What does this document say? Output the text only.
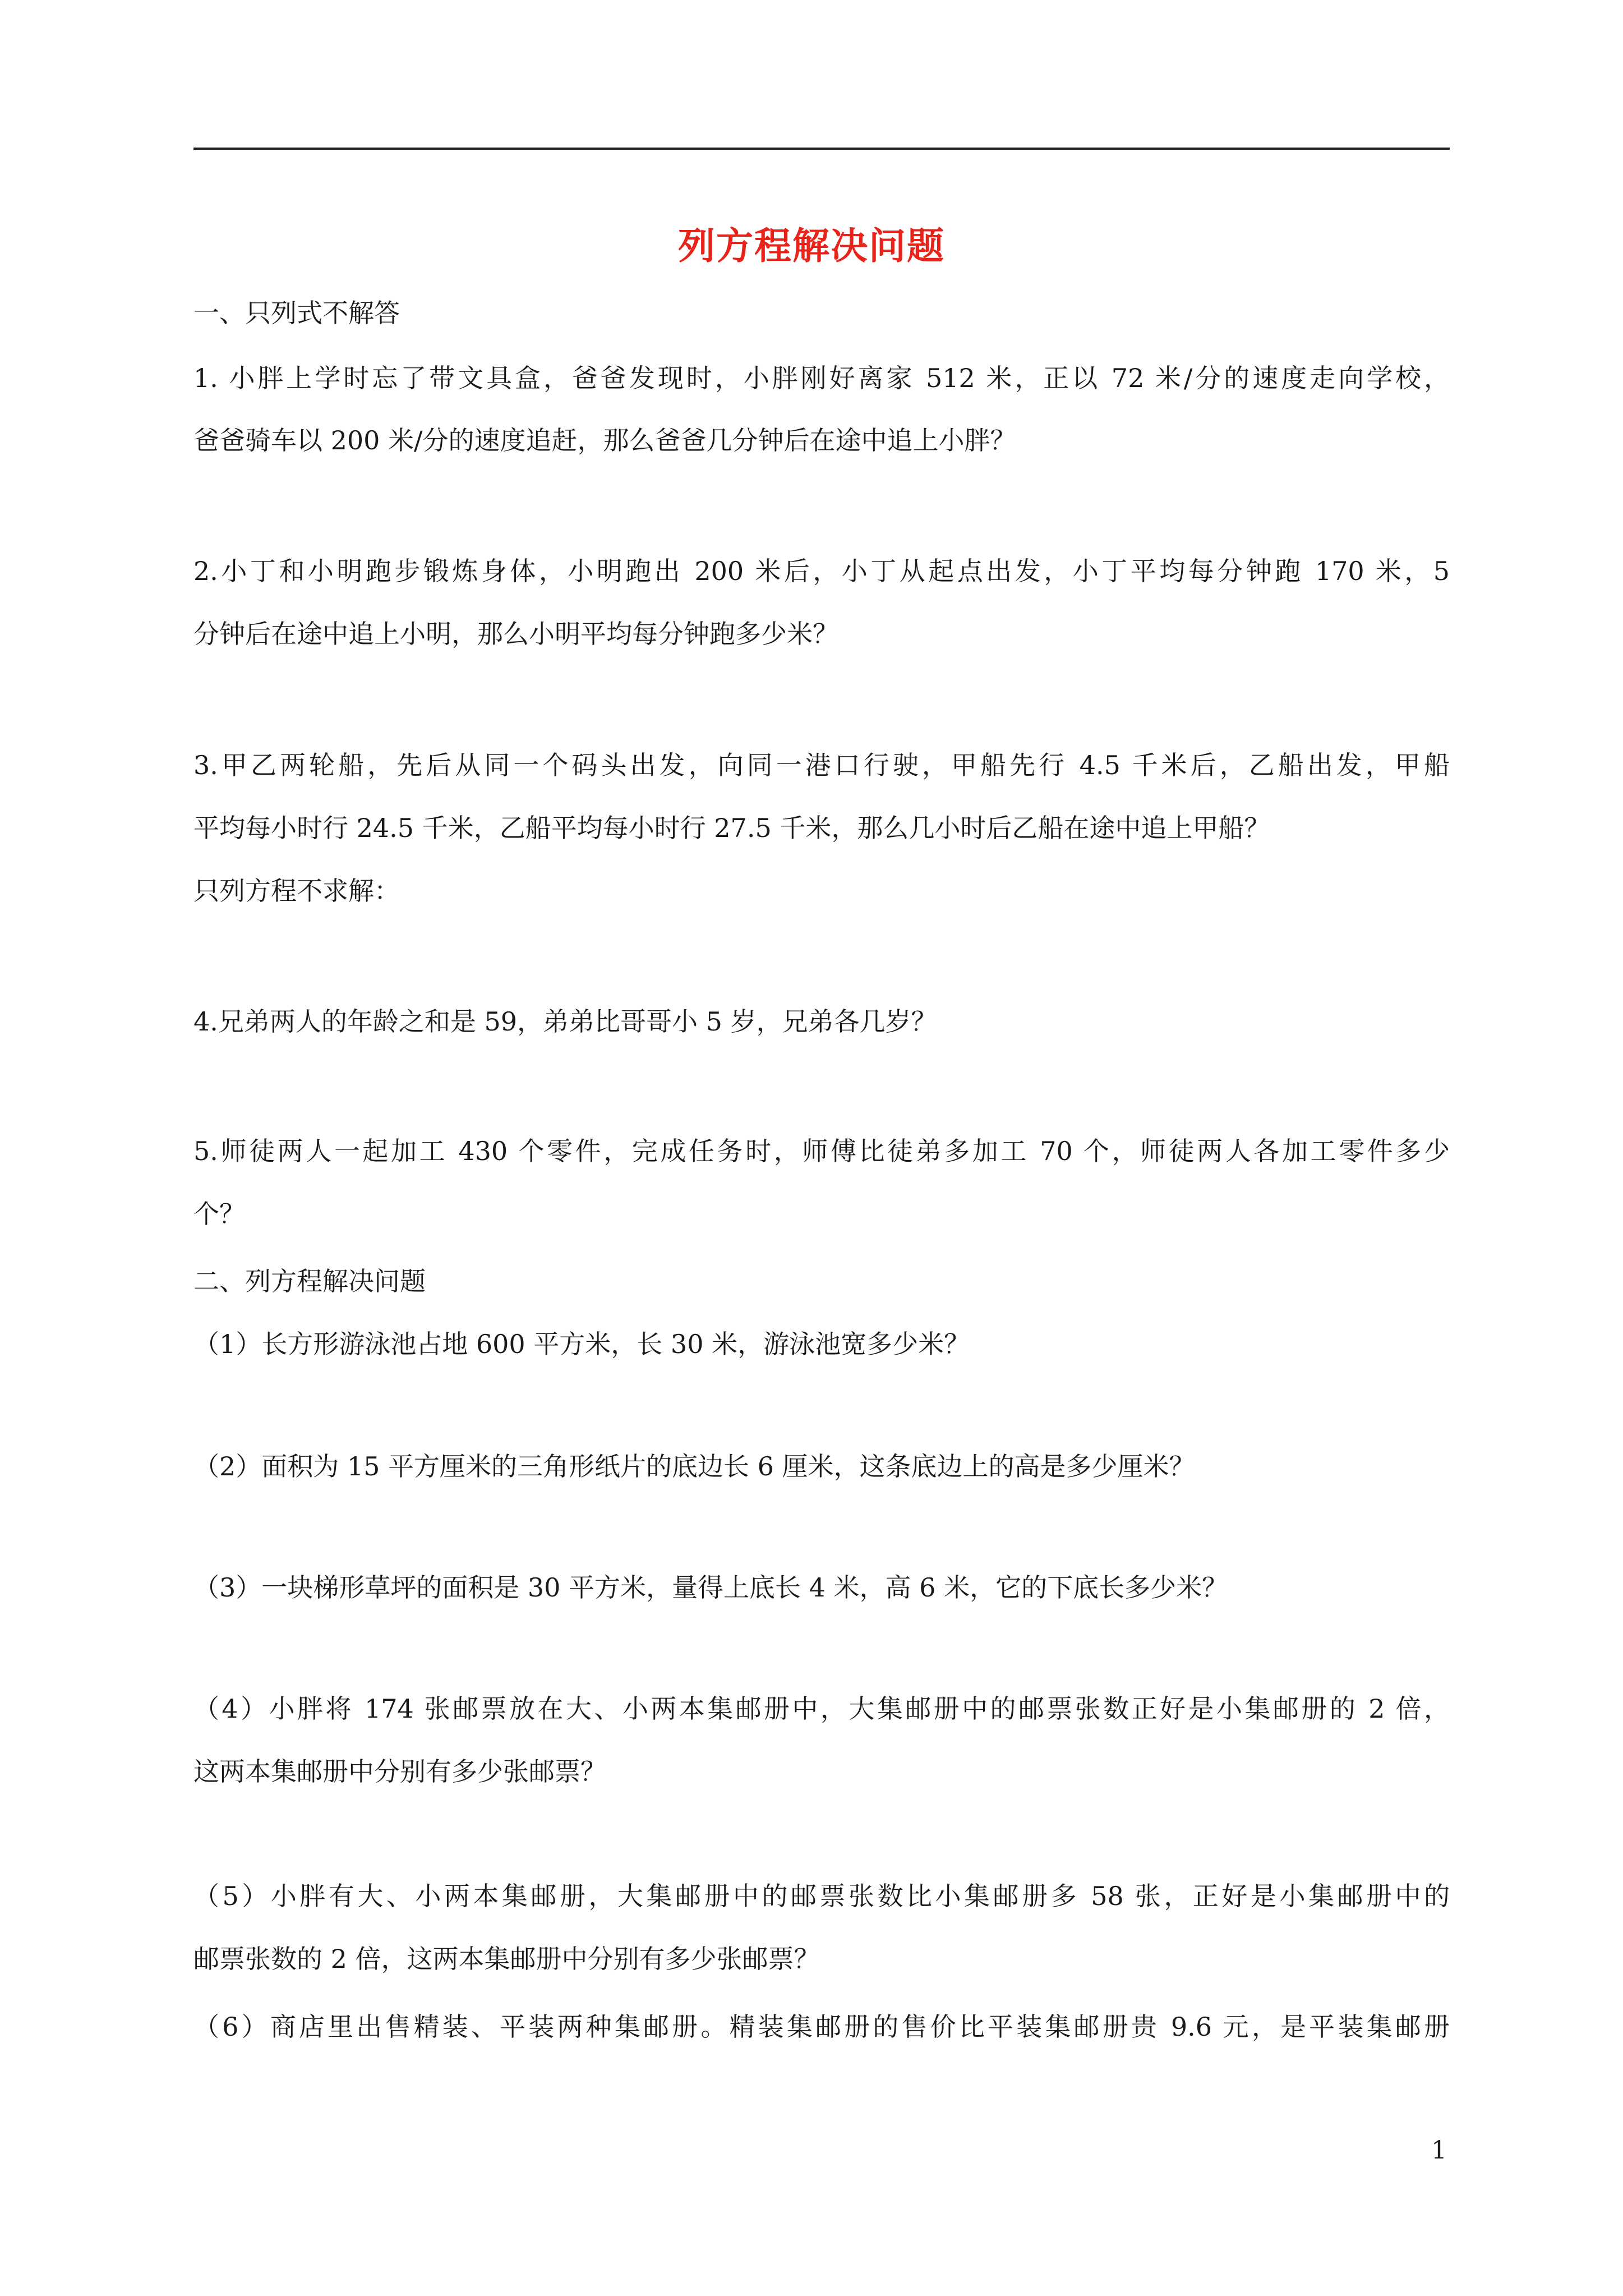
列方程解决问题
一、只列式不解答
1. 小胖上学时忘了带文具盒，爸爸发现时，小胖刚好离家 512 米，正以 72 米/分的速度走向学校，
爸爸骑车以 200 米/分的速度追赶，那么爸爸几分钟后在途中追上小胖？
2.小丁和小明跑步锻炼身体，小明跑出 200 米后，小丁从起点出发，小丁平均每分钟跑 170 米，5
分钟后在途中追上小明，那么小明平均每分钟跑多少米？
3.甲乙两轮船，先后从同一个码头出发，向同一港口行驶，甲船先行 4.5 千米后，乙船出发，甲船
平均每小时行 24.5 千米，乙船平均每小时行 27.5 千米，那么几小时后乙船在途中追上甲船？
只列方程不求解：
4.兄弟两人的年龄之和是 59，弟弟比哥哥小 5 岁，兄弟各几岁？
5.师徒两人一起加工 430 个零件，完成任务时，师傅比徒弟多加工 70 个，师徒两人各加工零件多少
个？
二、列方程解决问题
（1）长方形游泳池占地 600 平方米，长 30 米，游泳池宽多少米？
（2）面积为 15 平方厘米的三角形纸片的底边长 6 厘米，这条底边上的高是多少厘米？
（3）一块梯形草坪的面积是 30 平方米，量得上底长 4 米，高 6 米，它的下底长多少米？
（4）小胖将 174 张邮票放在大、小两本集邮册中，大集邮册中的邮票张数正好是小集邮册的 2 倍，
这两本集邮册中分别有多少张邮票？
（5）小胖有大、小两本集邮册，大集邮册中的邮票张数比小集邮册多 58 张，正好是小集邮册中的
邮票张数的 2 倍，这两本集邮册中分别有多少张邮票？
（6）商店里出售精装、平装两种集邮册。精装集邮册的售价比平装集邮册贵 9.6 元，是平装集邮册
1
